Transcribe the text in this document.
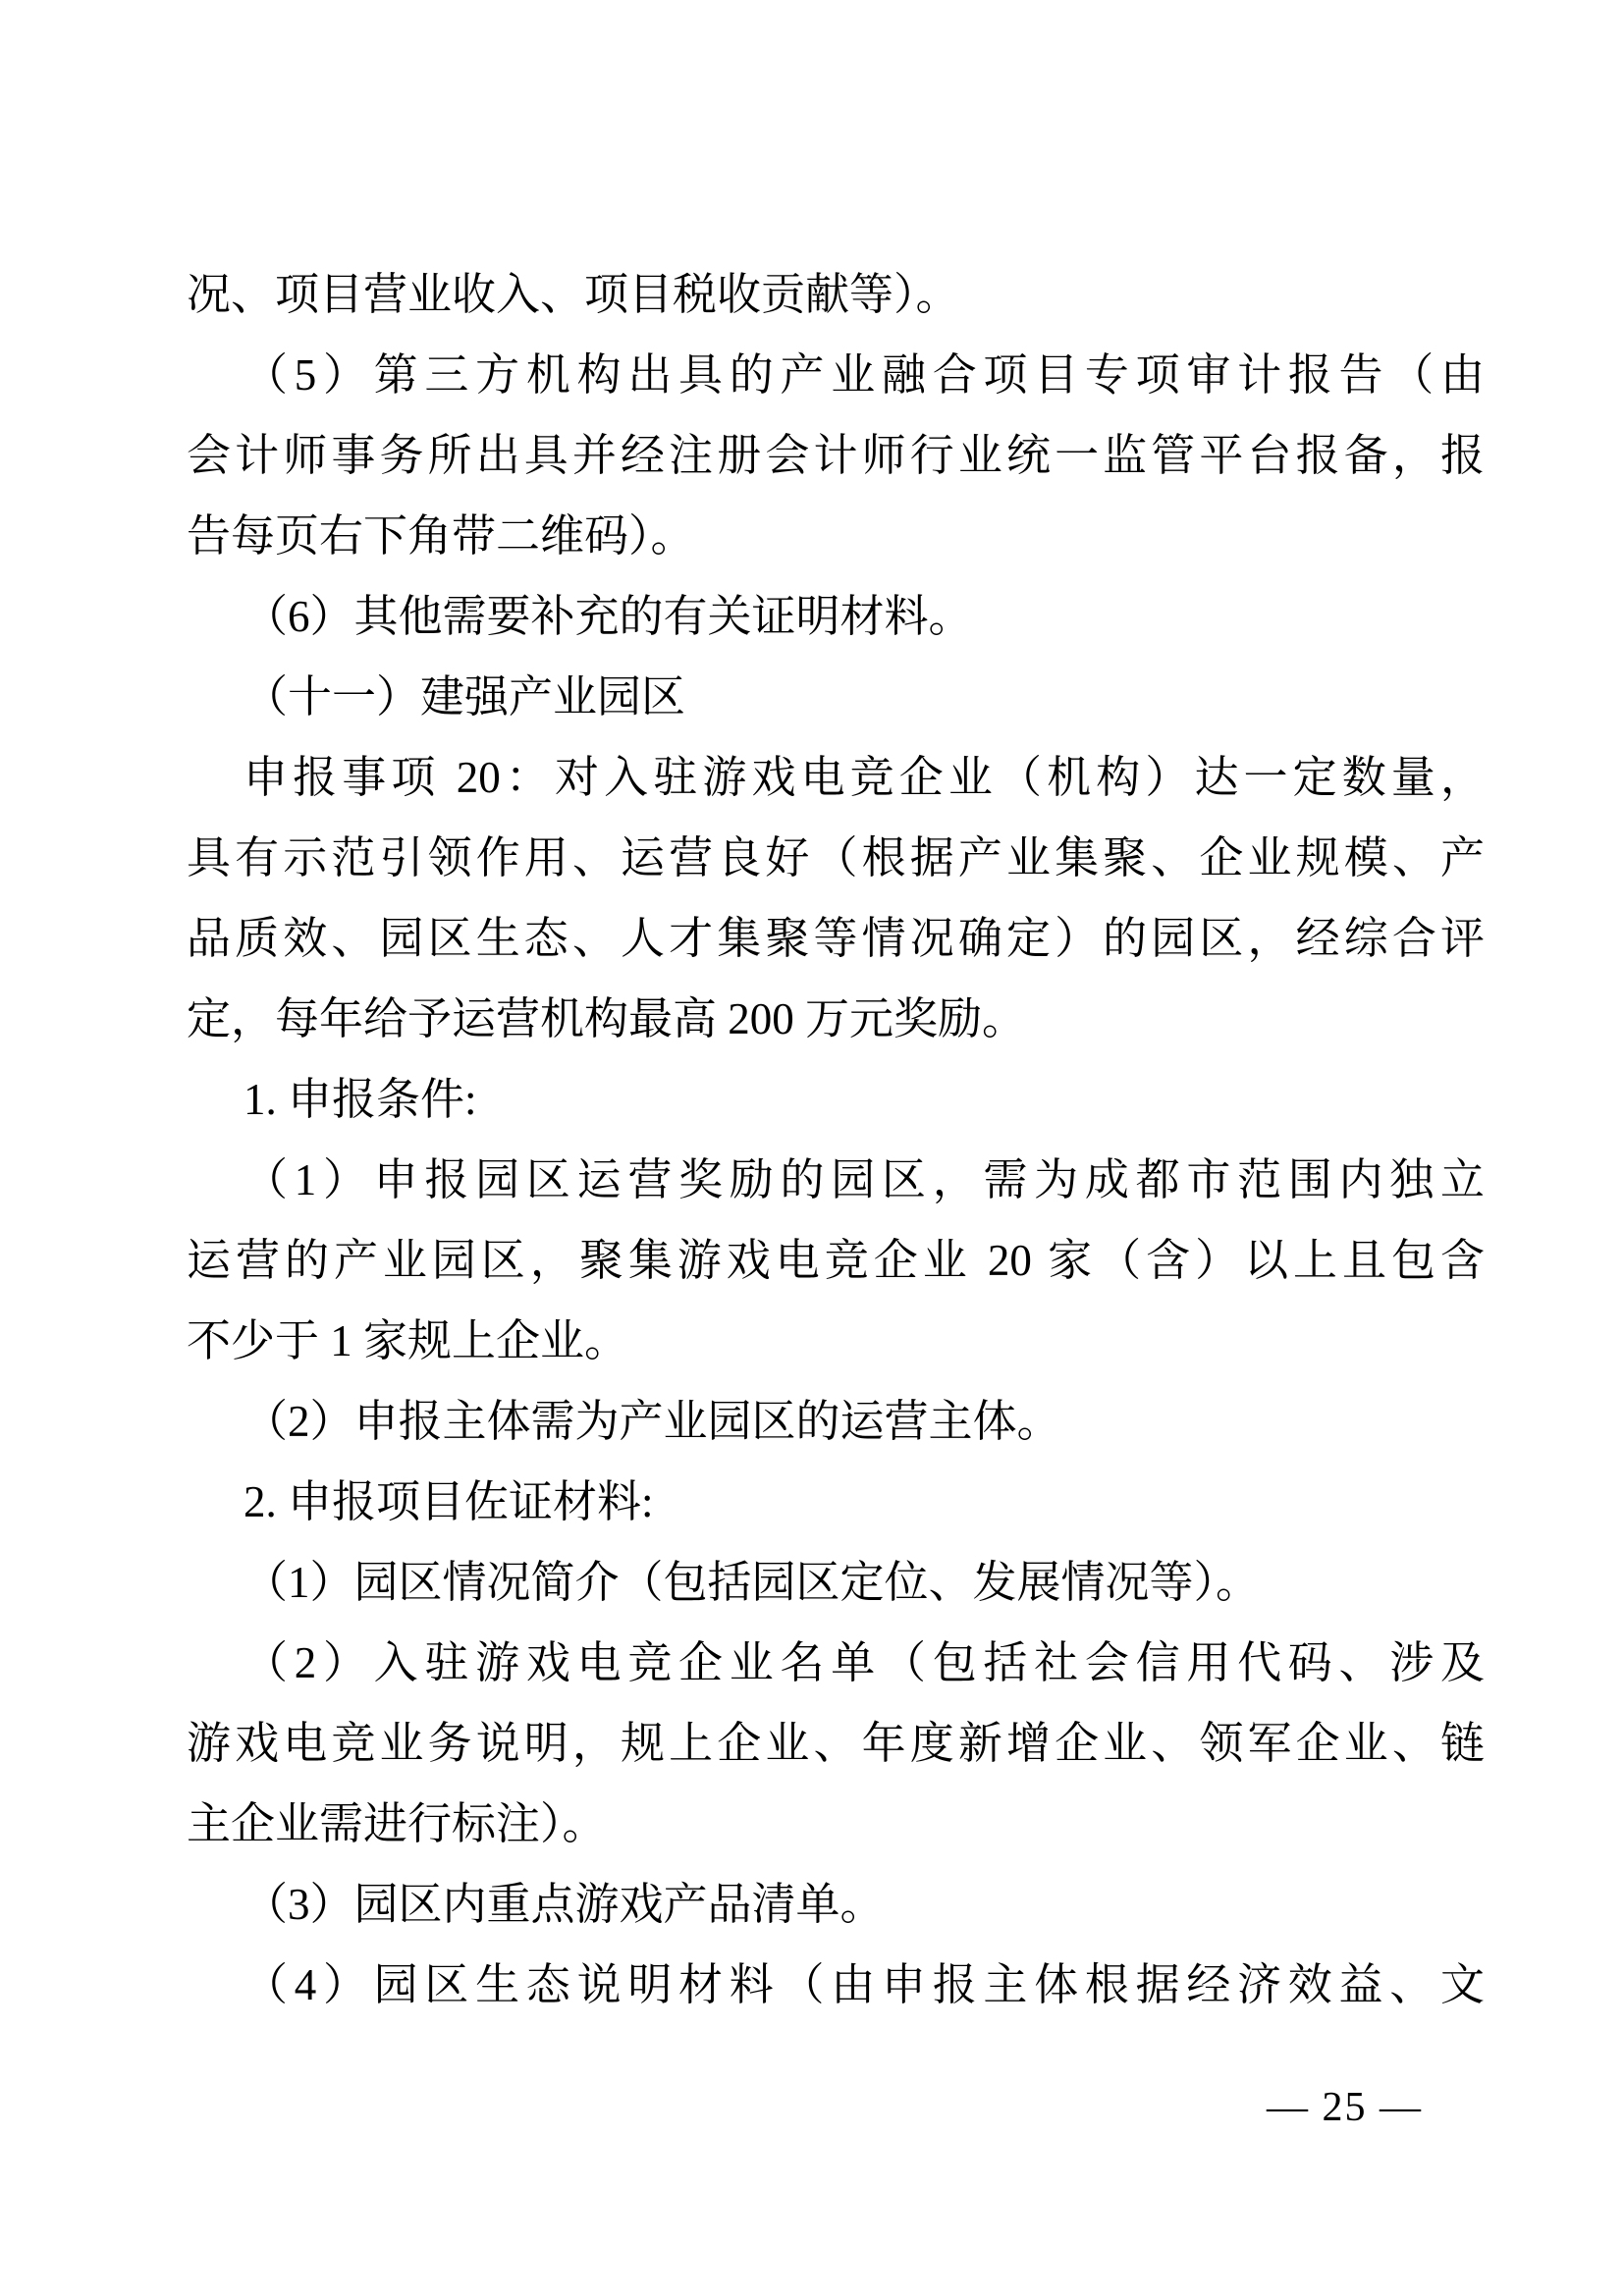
况、项目营业收入、项目税收贡献等）。
（5）第三方机构出具的产业融合项目专项审计报告（由
会计师事务所出具并经注册会计师行业统一监管平台报备，报
告每页右下角带二维码）。
（6）其他需要补充的有关证明材料。
（十一）建强产业园区
申报事项 20：对入驻游戏电竞企业（机构）达一定数量，
具有示范引领作用、运营良好（根据产业集聚、企业规模、产
品质效、园区生态、人才集聚等情况确定）的园区，经综合评
定，每年给予运营机构最高 200 万元奖励。
1. 申报条件:
（1）申报园区运营奖励的园区，需为成都市范围内独立
运营的产业园区，聚集游戏电竞企业 20 家（含）以上且包含
不少于 1 家规上企业。
（2）申报主体需为产业园区的运营主体。
2. 申报项目佐证材料:
（1）园区情况简介（包括园区定位、发展情况等）。
（2）入驻游戏电竞企业名单（包括社会信用代码、涉及
游戏电竞业务说明，规上企业、年度新增企业、领军企业、链
主企业需进行标注）。
（3）园区内重点游戏产品清单。
（4）园区生态说明材料（由申报主体根据经济效益、文
— 25 —
